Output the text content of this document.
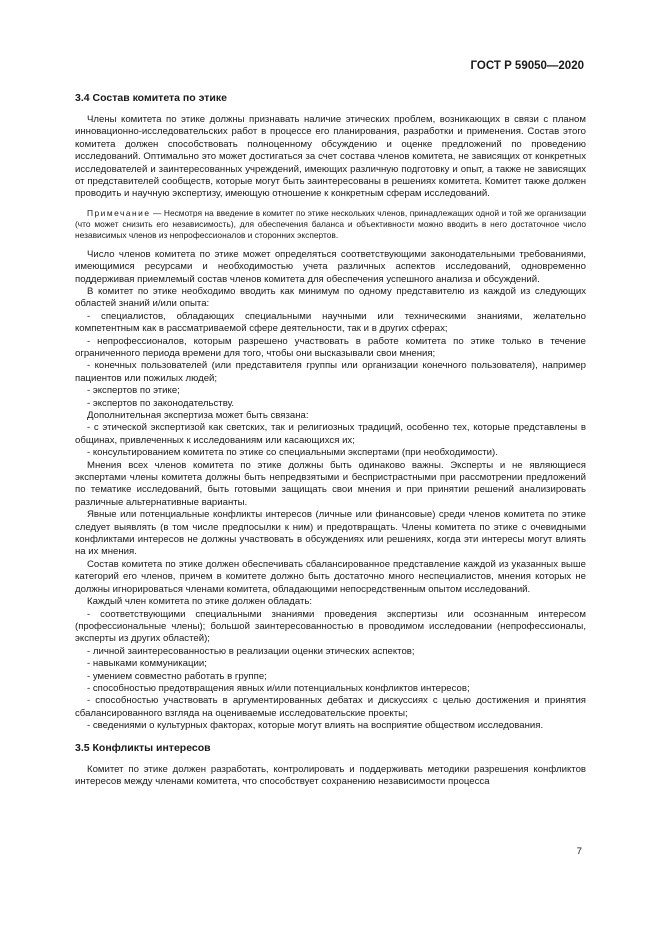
ГОСТ Р 59050—2020
3.4 Состав комитета по этике

Члены комитета по этике должны признавать наличие этических проблем, возникающих в связи с планом инновационно-исследовательских работ в процессе его планирования, разработки и применения. Состав этого комитета должен способствовать полноценному обсуждению и оценке предложений по проведению исследований. Оптимально это может достигаться за счет состава членов комитета, не зависящих от конкретных исследователей и заинтересованных учреждений, имеющих различную подготовку и опыт, а также не зависящих от представителей сообществ, которые могут быть заинтересованы в решениях комитета. Комитет также должен проводить и научную экспертизу, имеющую отношение к конкретным сферам исследований.

Примечание — Несмотря на введение в комитет по этике нескольких членов, принадлежащих одной и той же организации (что может снизить его независимость), для обеспечения баланса и объективности можно вводить в него достаточное число независимых членов из непрофессионалов и сторонних экспертов.

Число членов комитета по этике может определяться соответствующими законодательными требованиями, имеющимися ресурсами и необходимостью учета различных аспектов исследований, одновременно поддерживая приемлемый состав членов комитета для обеспечения успешного анализа и обсуждений.

В комитет по этике необходимо вводить как минимум по одному представителю из каждой из следующих областей знаний и/или опыта:

- специалистов, обладающих специальными научными или техническими знаниями, желательно компетентным как в рассматриваемой сфере деятельности, так и в других сферах;

- непрофессионалов, которым разрешено участвовать в работе комитета по этике только в течение ограниченного периода времени для того, чтобы они высказывали свои мнения;

- конечных пользователей (или представителя группы или организации конечного пользователя), например пациентов или пожилых людей;

- экспертов по этике;

- экспертов по законодательству.

Дополнительная экспертиза может быть связана:

- с этической экспертизой как светских, так и религиозных традиций, особенно тех, которые представлены в общинах, привлеченных к исследованиям или касающихся их;

- консультированием комитета по этике со специальными экспертами (при необходимости).

Мнения всех членов комитета по этике должны быть одинаково важны. Эксперты и не являющиеся экспертами члены комитета должны быть непредвзятыми и беспристрастными при рассмотрении предложений по тематике исследований, быть готовыми защищать свои мнения и при принятии решений анализировать различные альтернативные варианты.

Явные или потенциальные конфликты интересов (личные или финансовые) среди членов комитета по этике следует выявлять (в том числе предпосылки к ним) и предотвращать. Члены комитета по этике с очевидными конфликтами интересов не должны участвовать в обсуждениях или решениях, когда эти интересы могут влиять на их мнения.

Состав комитета по этике должен обеспечивать сбалансированное представление каждой из указанных выше категорий его членов, причем в комитете должно быть достаточно много неспециалистов, мнения которых не должны игнорироваться членами комитета, обладающими непосредственным опытом исследований.

Каждый член комитета по этике должен обладать:

- соответствующими специальными знаниями проведения экспертизы или осознанным интересом (профессиональные члены); большой заинтересованностью в проводимом исследовании (непрофессионалы, эксперты из других областей);

- личной заинтересованностью в реализации оценки этических аспектов;

- навыками коммуникации;

- умением совместно работать в группе;

- способностью предотвращения явных и/или потенциальных конфликтов интересов;

- способностью участвовать в аргументированных дебатах и дискуссиях с целью достижения и принятия сбалансированного взгляда на оцениваемые исследовательские проекты;

- сведениями о культурных факторах, которые могут влиять на восприятие обществом исследования.

3.5 Конфликты интересов

Комитет по этике должен разработать, контролировать и поддерживать методики разрешения конфликтов интересов между членами комитета, что способствует сохранению независимости процесса

7
